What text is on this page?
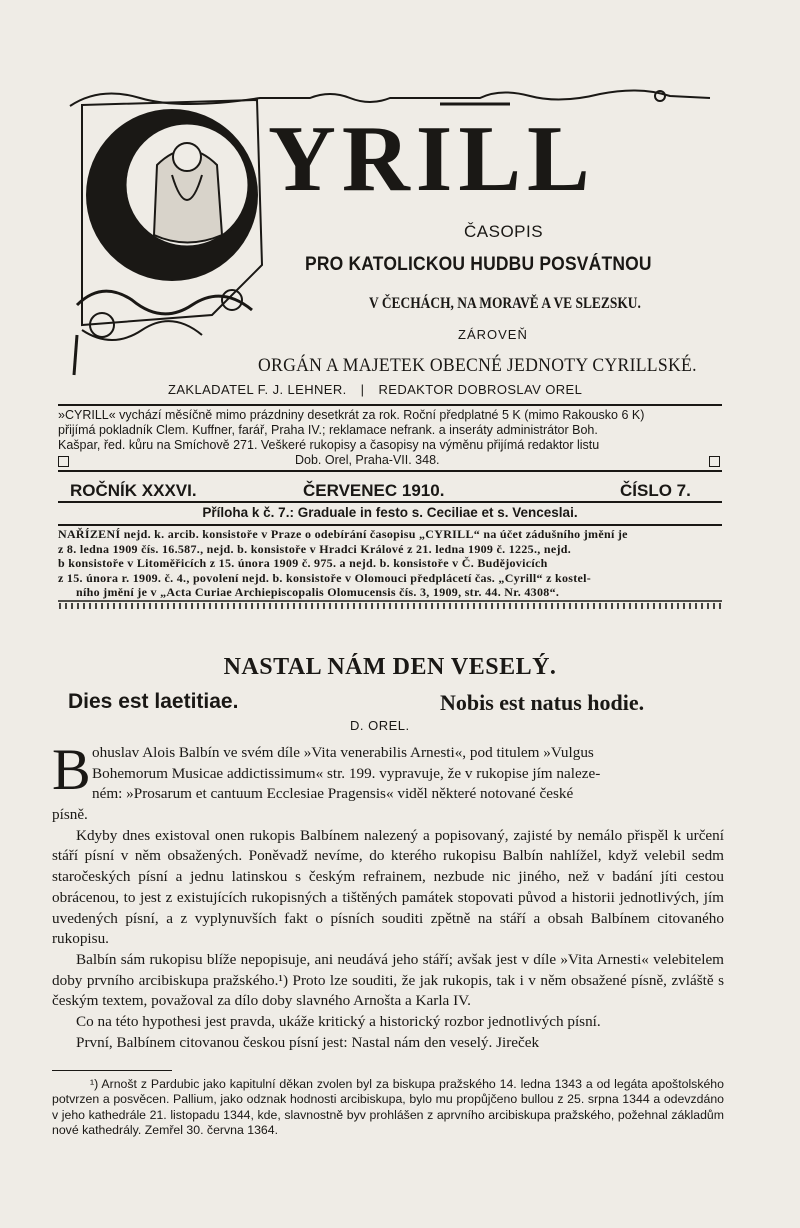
YRILL
ČASOPIS
PRO KATOLICKOU HUDBU POSVÁTNOU
V ČECHÁCH, NA MORAVĚ A VE SLEZSKU.
ZÁROVEŇ
ORGÁN A MAJETEK OBECNÉ JEDNOTY CYRILLSKÉ.
ZAKLADATEL F. J. LEHNER. | REDAKTOR DOBROSLAV OREL
»CYRILL« vychází měsíčně mimo prázdniny desetkrát za rok. Roční předplatné 5 K (mimo Rakousko 6 K)
přijímá pokladník Clem. Kuffner, farář, Praha IV.; reklamace nefrank. a inseráty administrátor Boh.
Kašpar, řed. kůru na Smíchově 271. Veškeré rukopisy a časopisy na výměnu přijímá redaktor listu
Dob. Orel, Praha-VII. 348.
ROČNÍK XXXVI.	ČERVENEC 1910.	ČÍSLO 7.
Příloha k č. 7.: Graduale in festo s. Ceciliae et s. Venceslai.
NAŘÍZENÍ nejd. k. arcib. konsistoře v Praze o odebírání časopisu „CYRILL“ na účet zádušního jmění je
z 8. ledna 1909 čís. 16.587., nejd. b. konsistoře v Hradci Králové z 21. ledna 1909 č. 1225., nejd.
b konsistoře v Litoměřicích z 15. února 1909 č. 975. a nejd. b. konsistoře v Č. Budějovicích
z 15. února r. 1909. č. 4., povolení nejd. b. konsistoře v Olomouci předplácetí čas. „Cyrill“ z kostel-
ního jmění je v „Acta Curiae Archiepiscopalis Olomucensis čís. 3, 1909, str. 44. Nr. 4308“.
NASTAL NÁM DEN VESELÝ.
Dies est laetitiae.	Nobis est natus hodie.
D. OREL.
B ohuslav Alois Balbín ve svém díle »Vita venerabilis Arnesti«, pod titulem »Vulgus
Bohemorum Musicae addictissimum« str. 199. vypravuje, že v rukopise jím naleze-
ném: »Prosarum et cantuum Ecclesiae Pragensis« viděl některé notované české

písně.

Kdyby dnes existoval onen rukopis Balbínem nalezený a popisovaný, zajisté by nemálo přispěl k určení stáří písní v něm obsažených. Poněvadž nevíme, do kterého rukopisu Balbín nahlížel, když velebil sedm staročeských písní a jednu latinskou s českým refrainem, nezbude nic jiného, než v badání jíti cestou obrácenou, to jest z existujících rukopisných a tištěných památek stopovati původ a historii jednotlivých, jím uvedených písní, a z vyplynuvších fakt o písních souditi zpětně na stáří a obsah Balbínem citovaného rukopisu.

Balbín sám rukopisu blíže nepopisuje, ani neudává jeho stáří; avšak jest v díle »Vita Arnesti« velebitelem doby prvního arcibiskupa pražského.¹) Proto lze souditi, že jak rukopis, tak i v něm obsažené písně, zvláště s českým textem, považoval za dílo doby slavného Arnošta a Karla IV.

Co na této hypothesi jest pravda, ukáže kritický a historický rozbor jednotlivých písní.

První, Balbínem citovanou českou písní jest: Nastal nám den veselý. Jireček

¹) Arnošt z Pardubic jako kapitulní děkan zvolen byl za biskupa pražského 14. ledna 1343 a od legáta apoštolského potvrzen a posvěcen. Pallium, jako odznak hodnosti arcibiskupa, bylo mu propůjčeno bullou z 25. srpna 1344 a odevzdáno v jeho kathedrále 21. listopadu 1344, kde, slavnostně byv prohlášen z aprvního arcibiskupa pražského, požehnal základům nové kathedrály. Zemřel 30. června 1364.
